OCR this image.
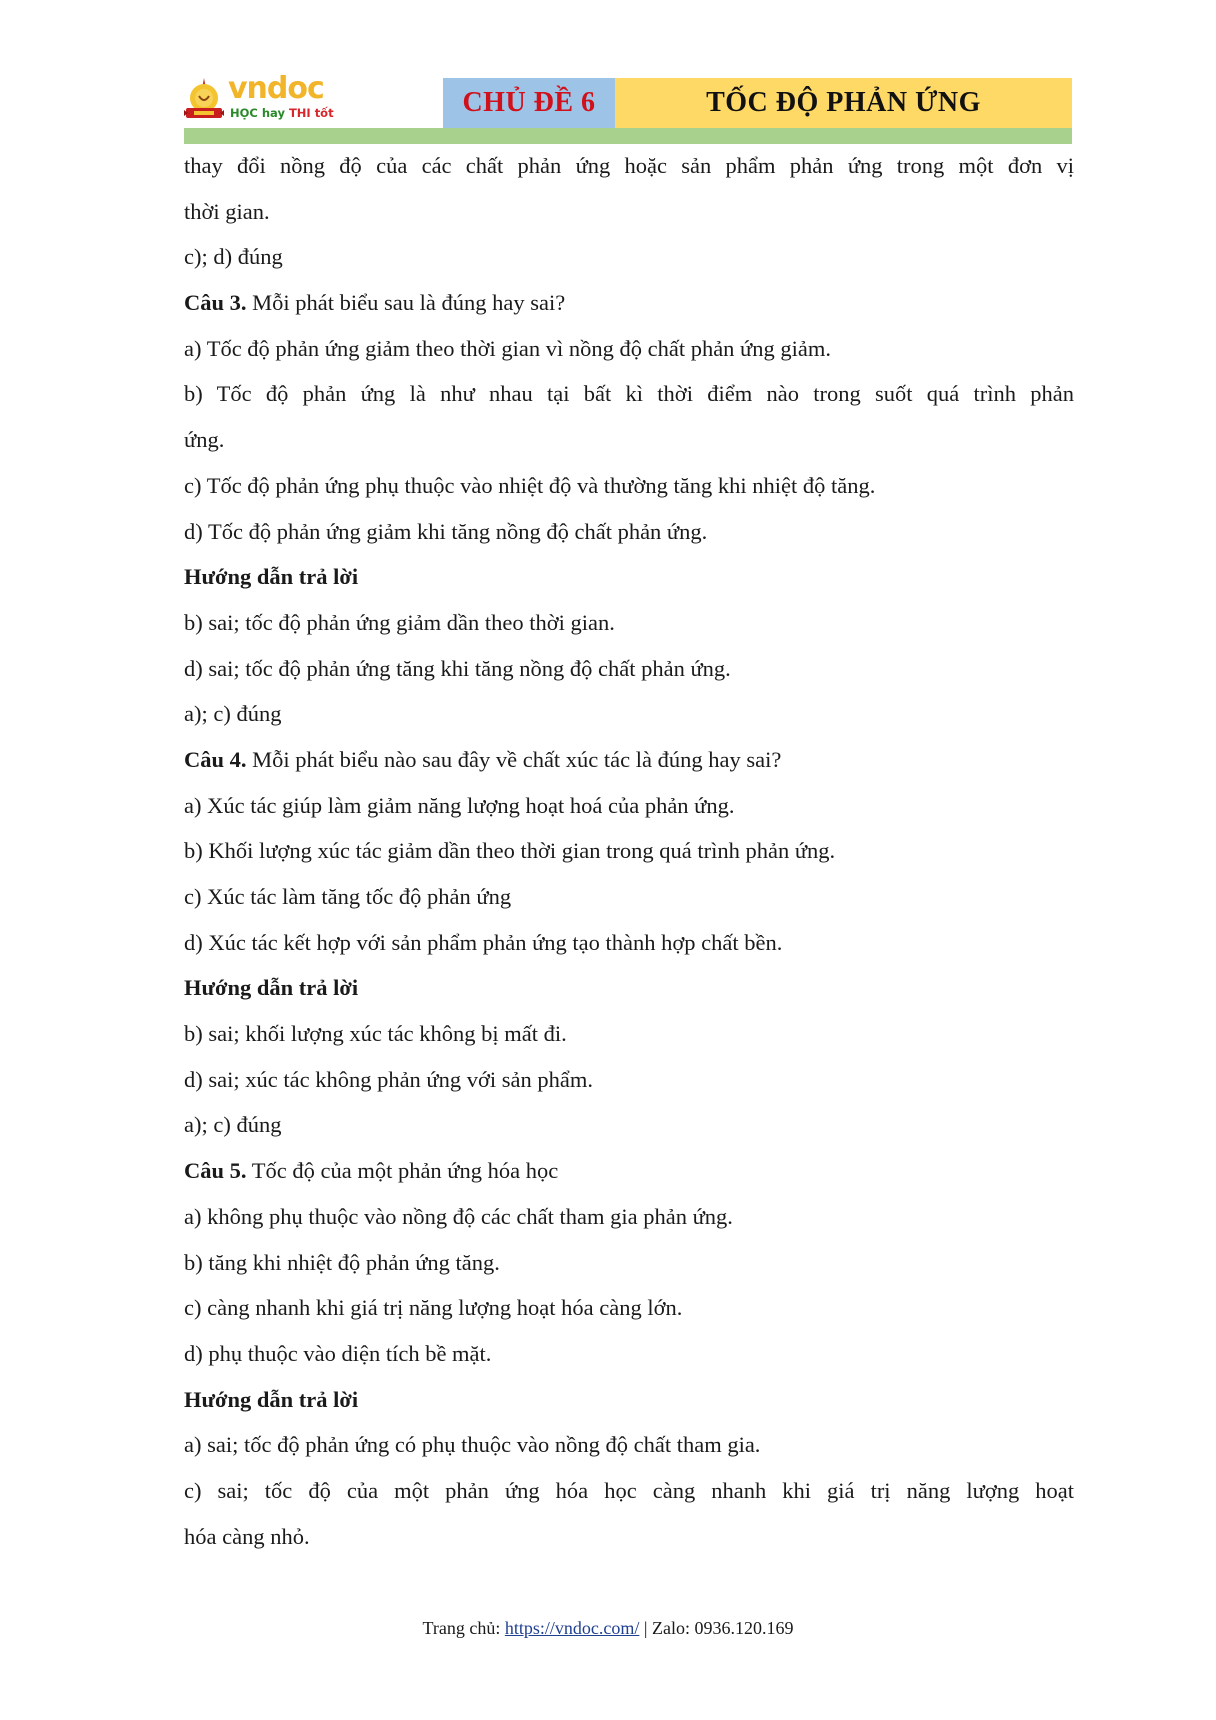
vndoc
HỌC hay THI tốt	CHỦ ĐỀ 6	TỐC ĐỘ PHẢN ỨNG
thay đổi nồng độ của các chất phản ứng hoặc sản phẩm phản ứng trong một đơn vị
thời gian.
c); d) đúng
Câu 3. Mỗi phát biểu sau là đúng hay sai?
a) Tốc độ phản ứng giảm theo thời gian vì nồng độ chất phản ứng giảm.
b) Tốc độ phản ứng là như nhau tại bất kì thời điểm nào trong suốt quá trình phản
ứng.
c) Tốc độ phản ứng phụ thuộc vào nhiệt độ và thường tăng khi nhiệt độ tăng.
d) Tốc độ phản ứng giảm khi tăng nồng độ chất phản ứng.
Hướng dẫn trả lời
b) sai; tốc độ phản ứng giảm dần theo thời gian.
d) sai; tốc độ phản ứng tăng khi tăng nồng độ chất phản ứng.
a); c) đúng
Câu 4. Mỗi phát biểu nào sau đây về chất xúc tác là đúng hay sai?
a) Xúc tác giúp làm giảm năng lượng hoạt hoá của phản ứng.
b) Khối lượng xúc tác giảm dần theo thời gian trong quá trình phản ứng.
c) Xúc tác làm tăng tốc độ phản ứng
d) Xúc tác kết hợp với sản phẩm phản ứng tạo thành hợp chất bền.
Hướng dẫn trả lời
b) sai; khối lượng xúc tác không bị mất đi.
d) sai; xúc tác không phản ứng với sản phẩm.
a); c) đúng
Câu 5. Tốc độ của một phản ứng hóa học
a) không phụ thuộc vào nồng độ các chất tham gia phản ứng.
b) tăng khi nhiệt độ phản ứng tăng.
c) càng nhanh khi giá trị năng lượng hoạt hóa càng lớn.
d) phụ thuộc vào diện tích bề mặt.
Hướng dẫn trả lời
a) sai; tốc độ phản ứng có phụ thuộc vào nồng độ chất tham gia.
c) sai; tốc độ của một phản ứng hóa học càng nhanh khi giá trị năng lượng hoạt
hóa càng nhỏ.
Trang chủ: https://vndoc.com/ | Zalo: 0936.120.169
